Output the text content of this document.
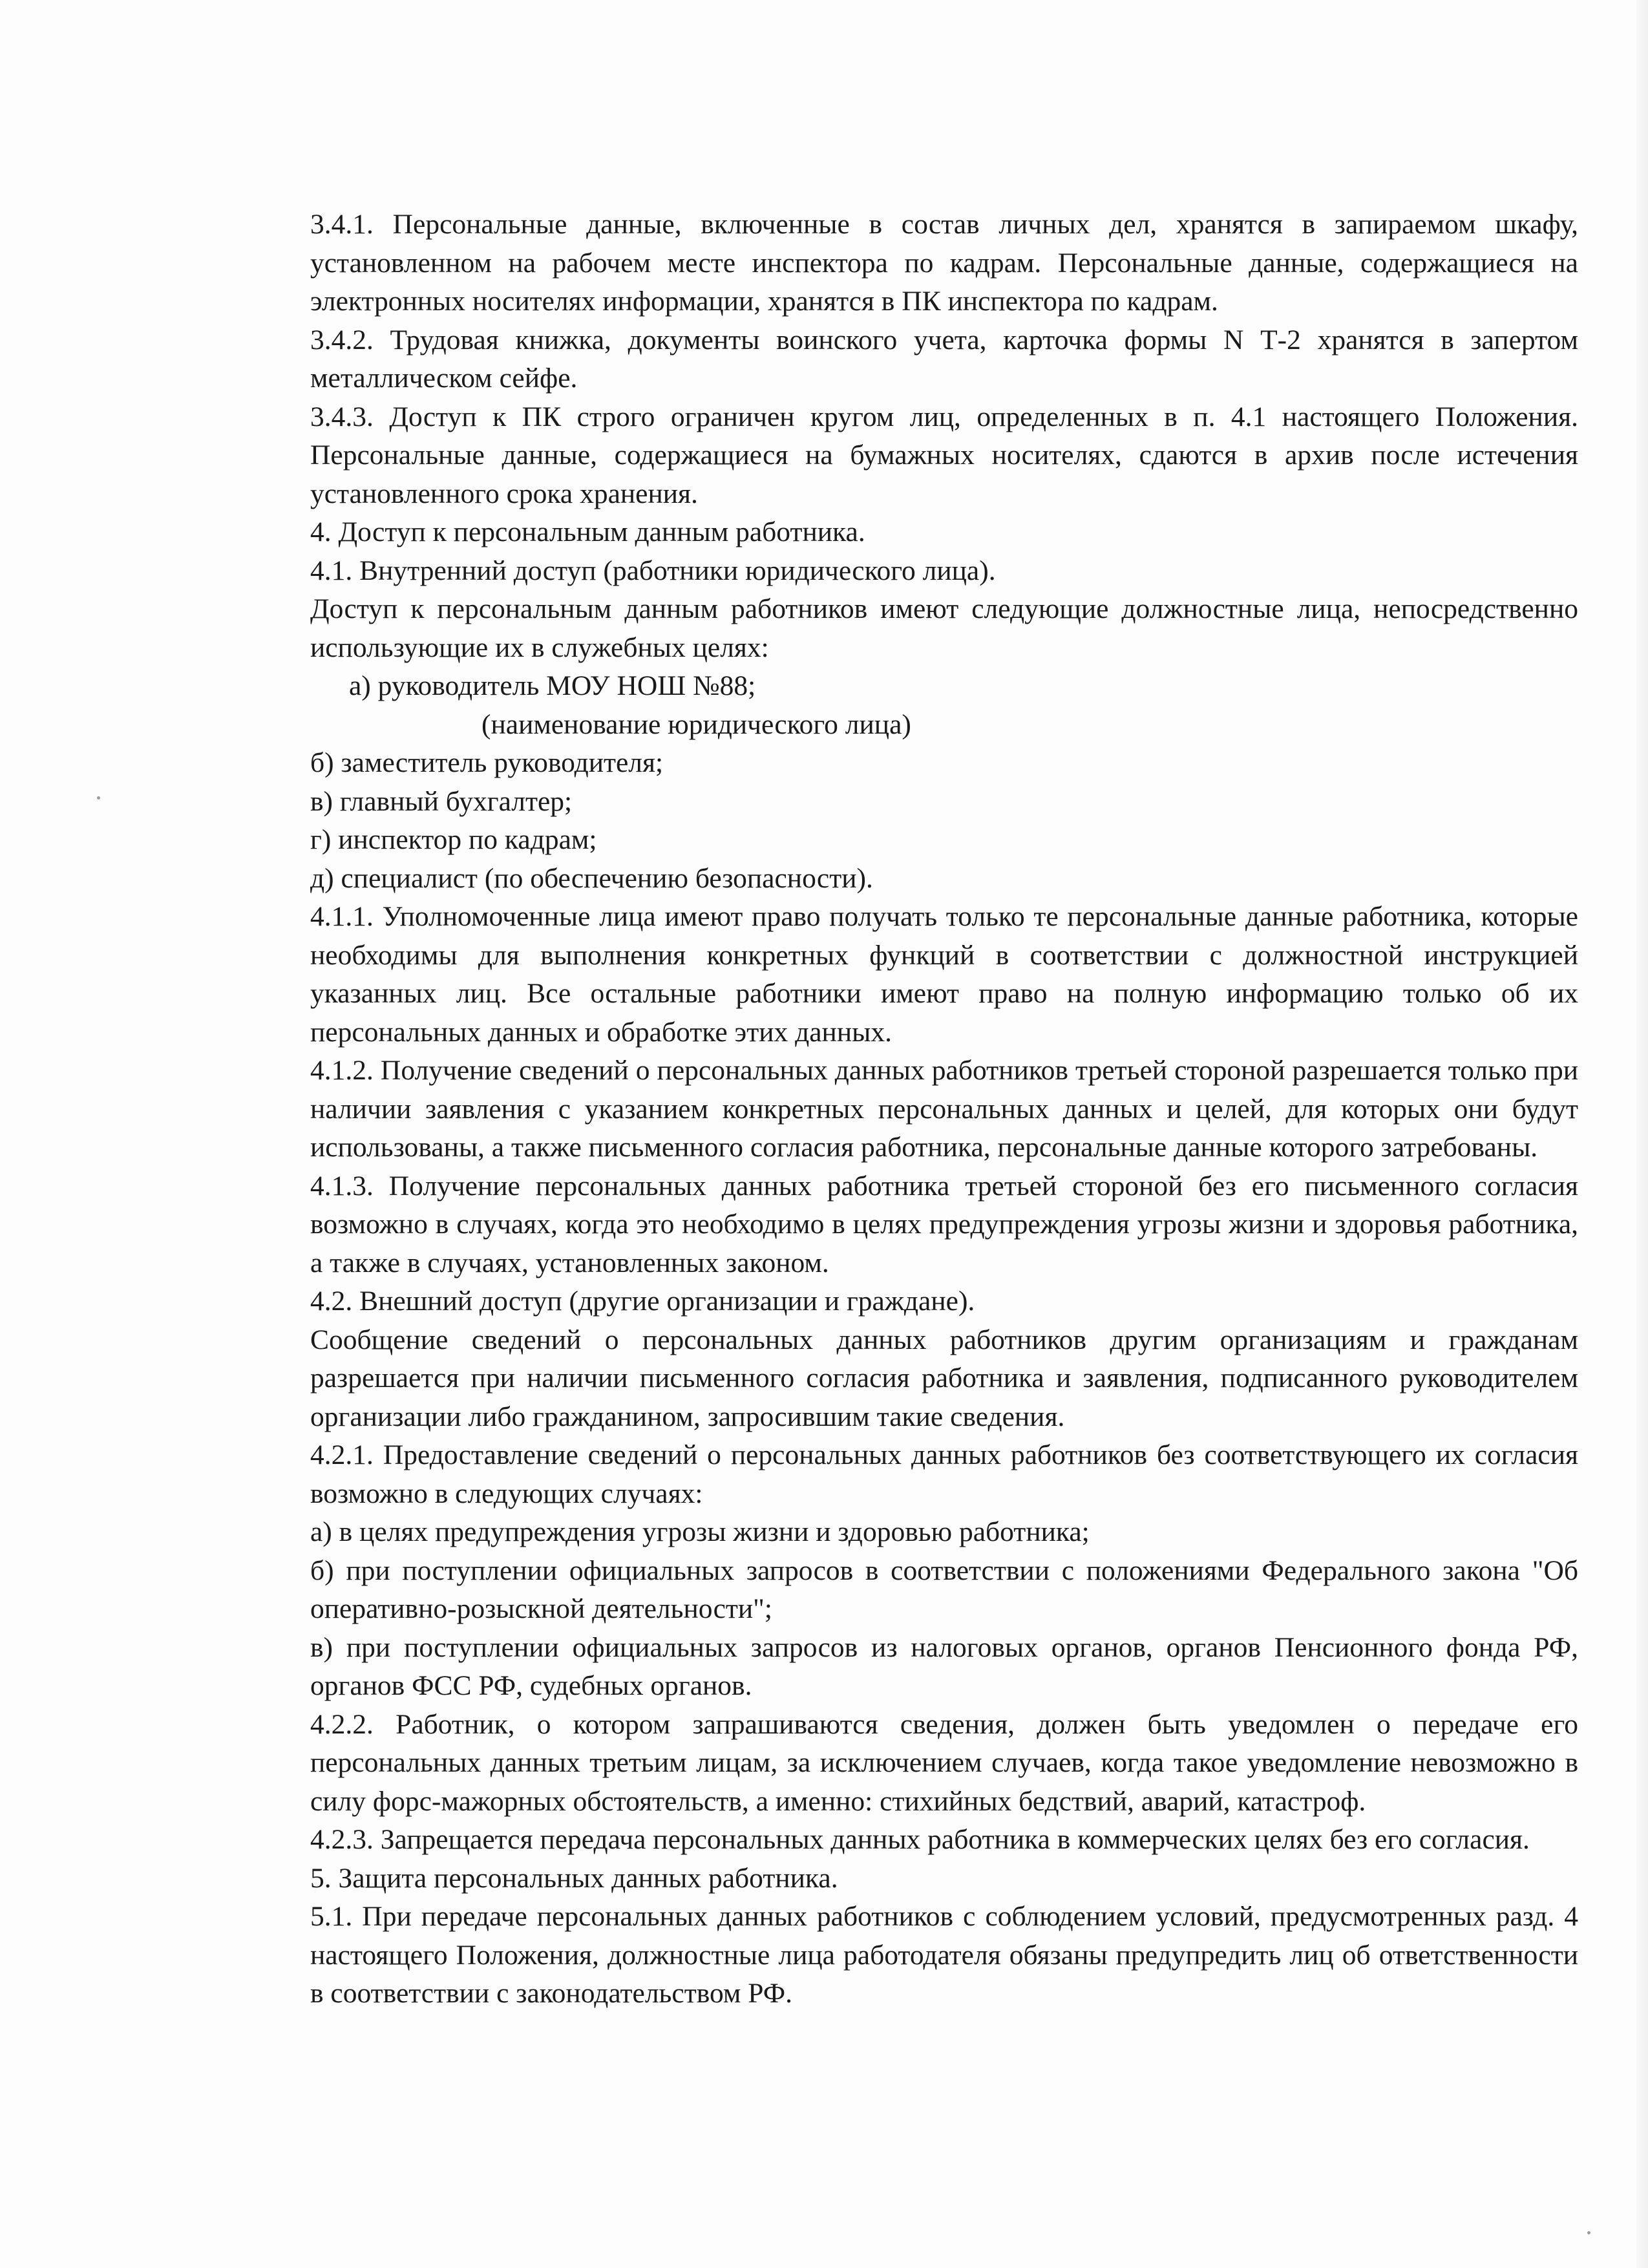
3.4.1. Персональные данные, включенные в состав личных дел, хранятся в запираемом шкафу, установленном на рабочем месте инспектора по кадрам. Персональные данные, содержащиеся на электронных носителях информации, хранятся в ПК инспектора по кадрам.

3.4.2. Трудовая книжка, документы воинского учета, карточка формы N Т-2 хранятся в запертом металлическом сейфе.

3.4.3. Доступ к ПК строго ограничен кругом лиц, определенных в п. 4.1 настоящего Положения. Персональные данные, содержащиеся на бумажных носителях, сдаются в архив после истечения установленного срока хранения.

4. Доступ к персональным данным работника.

4.1. Внутренний доступ (работники юридического лица).

Доступ к персональным данным работников имеют следующие должностные лица, непосредственно использующие их в служебных целях:

а) руководитель МОУ НОШ №88;

(наименование юридического лица)

б) заместитель руководителя;

в) главный бухгалтер;

г) инспектор по кадрам;

д) специалист (по обеспечению безопасности).

4.1.1. Уполномоченные лица имеют право получать только те персональные данные работника, которые необходимы для выполнения конкретных функций в соответствии с должностной инструкцией указанных лиц. Все остальные работники имеют право на полную информацию только об их персональных данных и обработке этих данных.

4.1.2. Получение сведений о персональных данных работников третьей стороной разрешается только при наличии заявления с указанием конкретных персональных данных и целей, для которых они будут использованы, а также письменного согласия работника, персональные данные которого затребованы.

4.1.3. Получение персональных данных работника третьей стороной без его письменного согласия возможно в случаях, когда это необходимо в целях предупреждения угрозы жизни и здоровья работника, а также в случаях, установленных законом.

4.2. Внешний доступ (другие организации и граждане).

Сообщение сведений о персональных данных работников другим организациям и гражданам разрешается при наличии письменного согласия работника и заявления, подписанного руководителем организации либо гражданином, запросившим такие сведения.

4.2.1. Предоставление сведений о персональных данных работников без соответствующего их согласия возможно в следующих случаях:

а) в целях предупреждения угрозы жизни и здоровью работника;

б) при поступлении официальных запросов в соответствии с положениями Федерального закона "Об оперативно-розыскной деятельности";

в) при поступлении официальных запросов из налоговых органов, органов Пенсионного фонда РФ, органов ФСС РФ, судебных органов.

4.2.2. Работник, о котором запрашиваются сведения, должен быть уведомлен о передаче его персональных данных третьим лицам, за исключением случаев, когда такое уведомление невозможно в силу форс-мажорных обстоятельств, а именно: стихийных бедствий, аварий, катастроф.

4.2.3. Запрещается передача персональных данных работника в коммерческих целях без его согласия.

5. Защита персональных данных работника.

5.1. При передаче персональных данных работников с соблюдением условий, предусмотренных разд. 4 настоящего Положения, должностные лица работодателя обязаны предупредить лиц об ответственности в соответствии с законодательством РФ.
